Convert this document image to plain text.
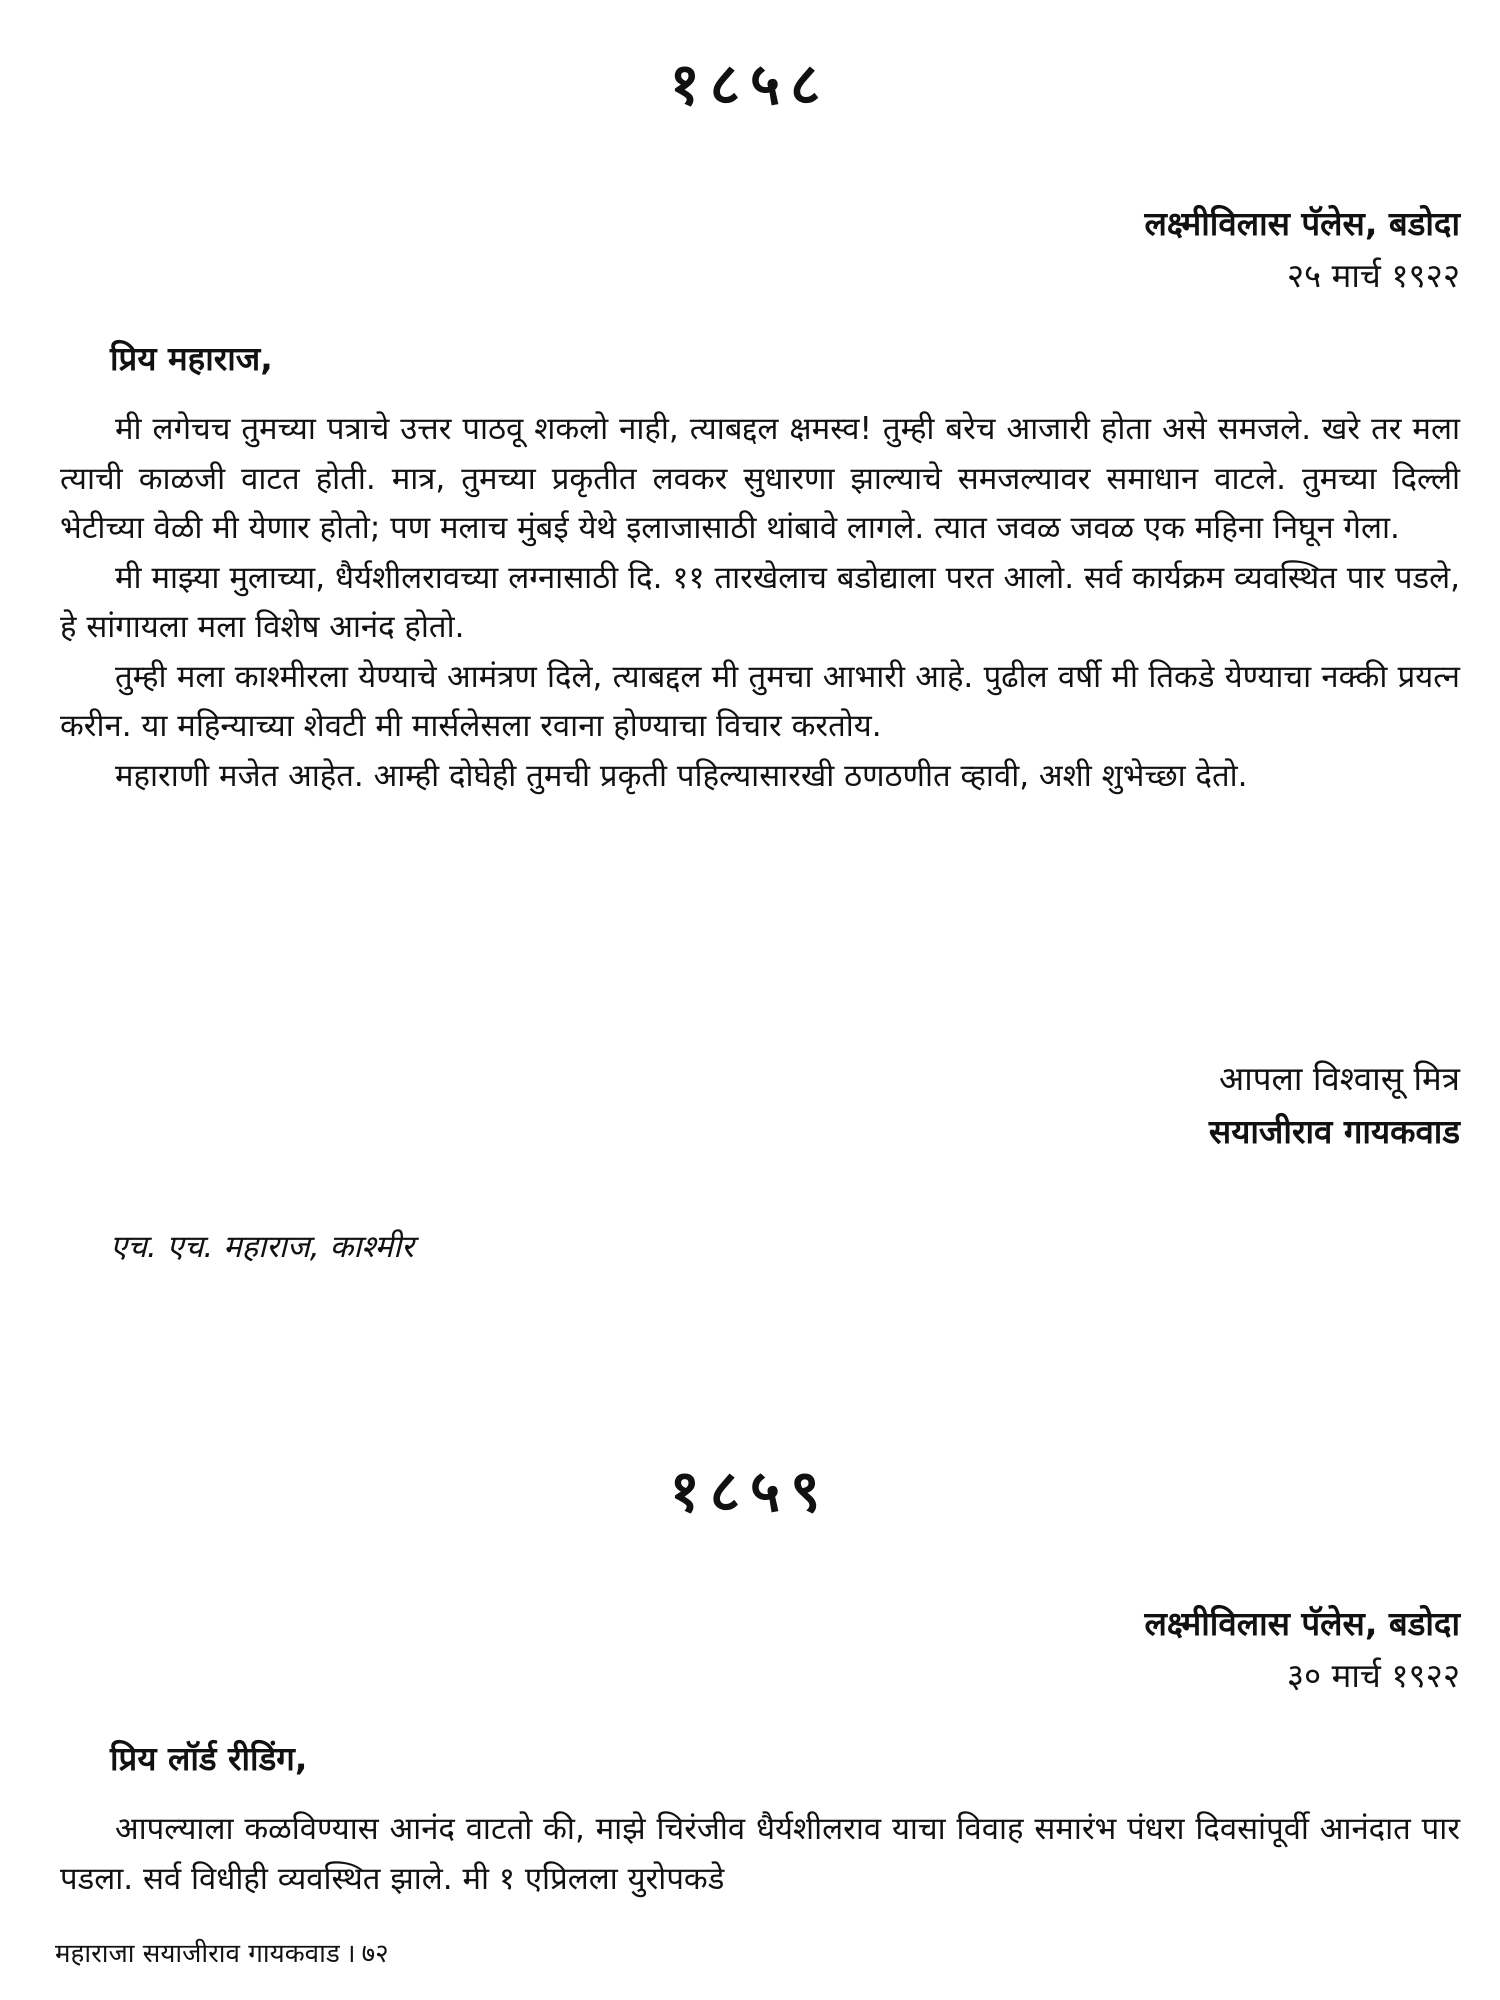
१८५८
लक्ष्मीविलास पॅलेस, बडोदा
२५ मार्च १९२२
प्रिय महाराज,

मी लगेचच तुमच्या पत्राचे उत्तर पाठवू शकलो नाही, त्याबद्दल क्षमस्व! तुम्ही बरेच आजारी होता असे समजले. खरे तर मला त्याची काळजी वाटत होती. मात्र, तुमच्या प्रकृतीत लवकर सुधारणा झाल्याचे समजल्यावर समाधान वाटले. तुमच्या दिल्ली भेटीच्या वेळी मी येणार होतो; पण मलाच मुंबई येथे इलाजासाठी थांबावे लागले. त्यात जवळ जवळ एक महिना निघून गेला.

मी माझ्या मुलाच्या, धैर्यशीलरावच्या लग्नासाठी दि. ११ तारखेलाच बडोद्याला परत आलो. सर्व कार्यक्रम व्यवस्थित पार पडले, हे सांगायला मला विशेष आनंद होतो.

तुम्ही मला काश्मीरला येण्याचे आमंत्रण दिले, त्याबद्दल मी तुमचा आभारी आहे. पुढील वर्षी मी तिकडे येण्याचा नक्की प्रयत्न करीन. या महिन्याच्या शेवटी मी मार्सलेसला रवाना होण्याचा विचार करतोय.

महाराणी मजेत आहेत. आम्ही दोघेही तुमची प्रकृती पहिल्यासारखी ठणठणीत व्हावी, अशी शुभेच्छा देतो.

आपला विश्वासू मित्र
सयाजीराव गायकवाड
एच. एच. महाराज, काश्मीर
१८५९
लक्ष्मीविलास पॅलेस, बडोदा
३० मार्च १९२२
प्रिय लॉर्ड रीडिंग,

आपल्याला कळविण्यास आनंद वाटतो की, माझे चिरंजीव धैर्यशीलराव याचा विवाह समारंभ पंधरा दिवसांपूर्वी आनंदात पार पडला. सर्व विधीही व्यवस्थित झाले. मी १ एप्रिलला युरोपकडे

महाराजा सयाजीराव गायकवाड । ७२
